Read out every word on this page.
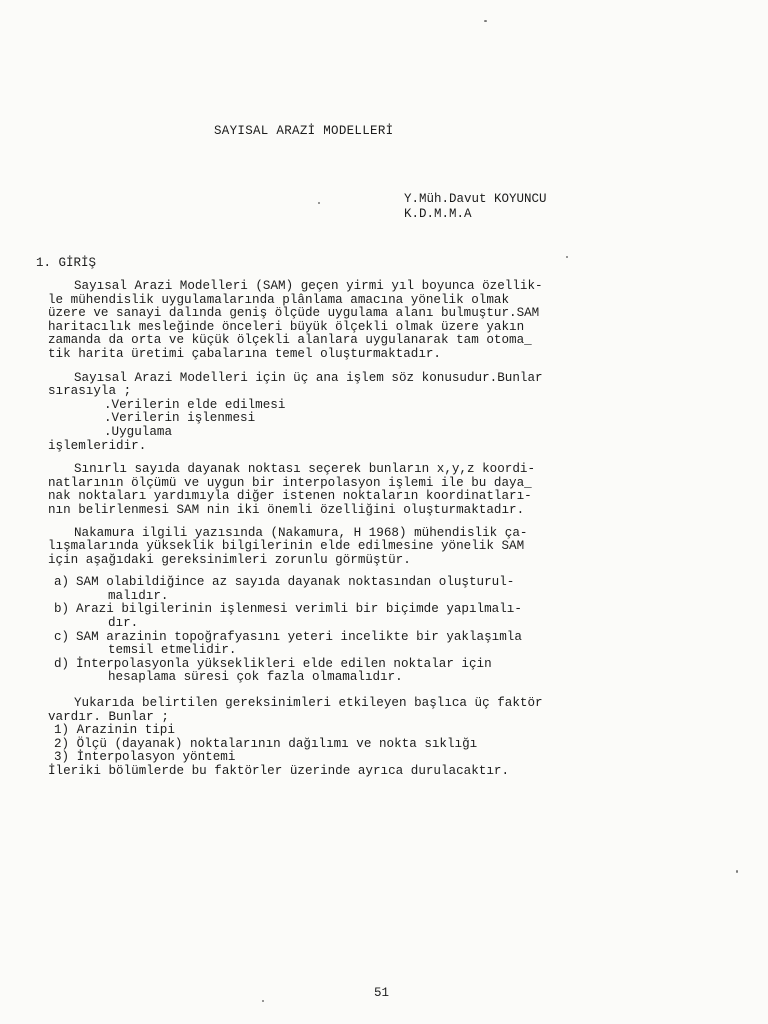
SAYISAL ARAZİ MODELLERİ
Y.Müh.Davut KOYUNCU
K.D.M.M.A
1. GİRİŞ
Sayısal Arazi Modelleri (SAM) geçen yirmi yıl boyunca özellik-
le mühendislik uygulamalarında plânlama amacına yönelik olmak
üzere ve sanayi dalında geniş ölçüde uygulama alanı bulmuştur.SAM
haritacılık mesleğinde önceleri büyük ölçekli olmak üzere yakın
zamanda da orta ve küçük ölçekli alanlara uygulanarak tam otoma_
tik harita üretimi çabalarına temel oluşturmaktadır.
Sayısal Arazi Modelleri için üç ana işlem söz konusudur.Bunlar
sırasıyla ;
.Verilerin elde edilmesi
.Verilerin işlenmesi
.Uygulama
işlemleridir.
Sınırlı sayıda dayanak noktası seçerek bunların x,y,z koordi-
natlarının ölçümü ve uygun bir interpolasyon işlemi ile bu daya_
nak noktaları yardımıyla diğer istenen noktaların koordinatları-
nın belirlenmesi SAM nin iki önemli özelliğini oluşturmaktadır.
Nakamura ilgili yazısında (Nakamura, H 1968) mühendislik ça-
lışmalarında yükseklik bilgilerinin elde edilmesine yönelik SAM
için aşağıdaki gereksinimleri zorunlu görmüştür.
a) SAM olabildiğince az sayıda dayanak noktasından oluşturul-
malıdır.
b) Arazi bilgilerinin işlenmesi verimli bir biçimde yapılmalı-
dır.
c) SAM arazinin topoğrafyasını yeteri incelikte bir yaklaşımla
temsil etmelidir.
d) İnterpolasyonla yükseklikleri elde edilen noktalar için
hesaplama süresi çok fazla olmamalıdır.
Yukarıda belirtilen gereksinimleri etkileyen başlıca üç faktör
vardır. Bunlar ;
1) Arazinin tipi
2) Ölçü (dayanak) noktalarının dağılımı ve nokta sıklığı
3) İnterpolasyon yöntemi
İleriki bölümlerde bu faktörler üzerinde ayrıca durulacaktır.
51
